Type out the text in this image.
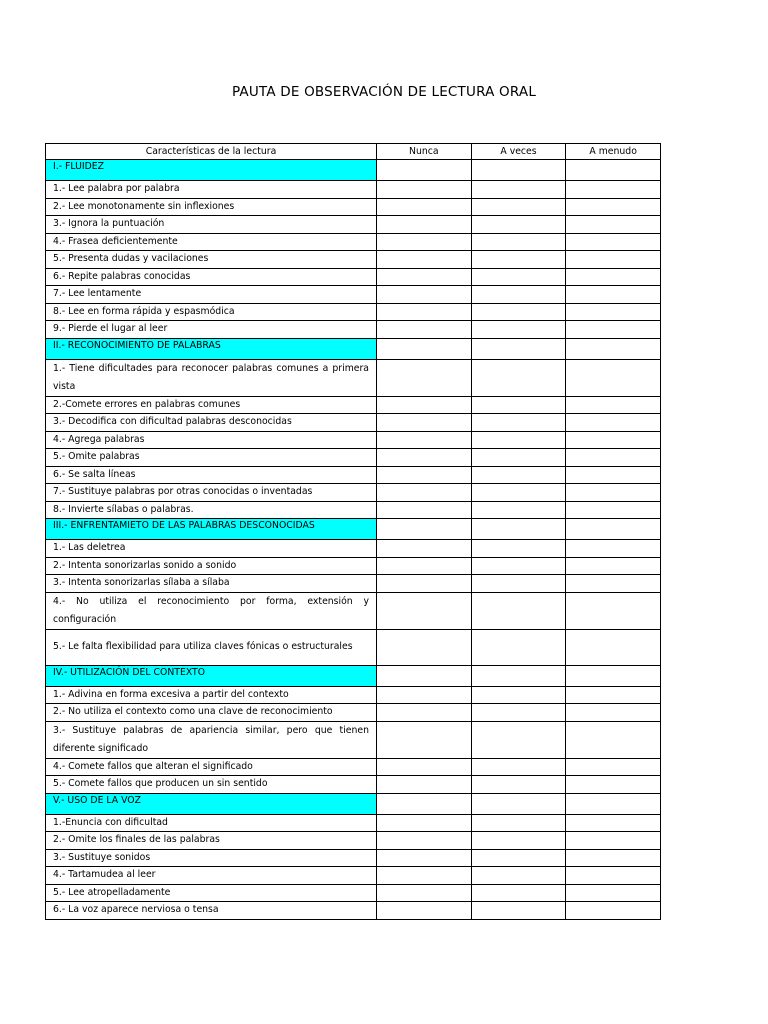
PAUTA DE OBSERVACIÓN DE LECTURA ORAL
Características de la lectura	Nunca	A veces	A menudo
I.- FLUIDEZ			
1.- Lee palabra por palabra			
2.- Lee monotonamente sin inflexiones			
3.- Ignora la puntuación			
4.- Frasea deficientemente			
5.- Presenta dudas y vacilaciones			
6.- Repite palabras conocidas			
7.- Lee lentamente			
8.- Lee en forma rápida y espasmódica			
9.- Pierde el lugar al leer			
II.- RECONOCIMIENTO DE PALABRAS			
1.- Tiene dificultades para reconocer palabras comunes a primera vista			
2.-Comete errores en palabras comunes			
3.- Decodifica con dificultad palabras desconocidas			
4.- Agrega palabras			
5.- Omite palabras			
6.- Se salta líneas			
7.- Sustituye palabras por otras conocidas o inventadas			
8.- Invierte sílabas o palabras.			
III.- ENFRENTAMIETO DE LAS PALABRAS DESCONOCIDAS			
1.- Las deletrea			
2.- Intenta sonorizarlas sonido a sonido			
3.- Intenta sonorizarlas sílaba a sílaba			
4.- No utiliza el reconocimiento por forma, extensión y configuración			
5.- Le falta flexibilidad para utiliza claves fónicas o estructurales			
IV.- UTILIZACIÓN DEL CONTEXTO			
1.- Adivina en forma excesiva a partir del contexto			
2.- No utiliza el contexto como una clave de reconocimiento			
3.- Sustituye palabras de apariencia similar, pero que tienen diferente significado			
4.- Comete fallos que alteran el significado			
5.- Comete fallos que producen un sin sentido			
V.- USO DE LA VOZ			
1.-Enuncia con dificultad			
2.- Omite los finales de las palabras			
3.- Sustituye sonidos			
4.- Tartamudea al leer			
5.- Lee atropelladamente			
6.- La voz aparece nerviosa o tensa			
